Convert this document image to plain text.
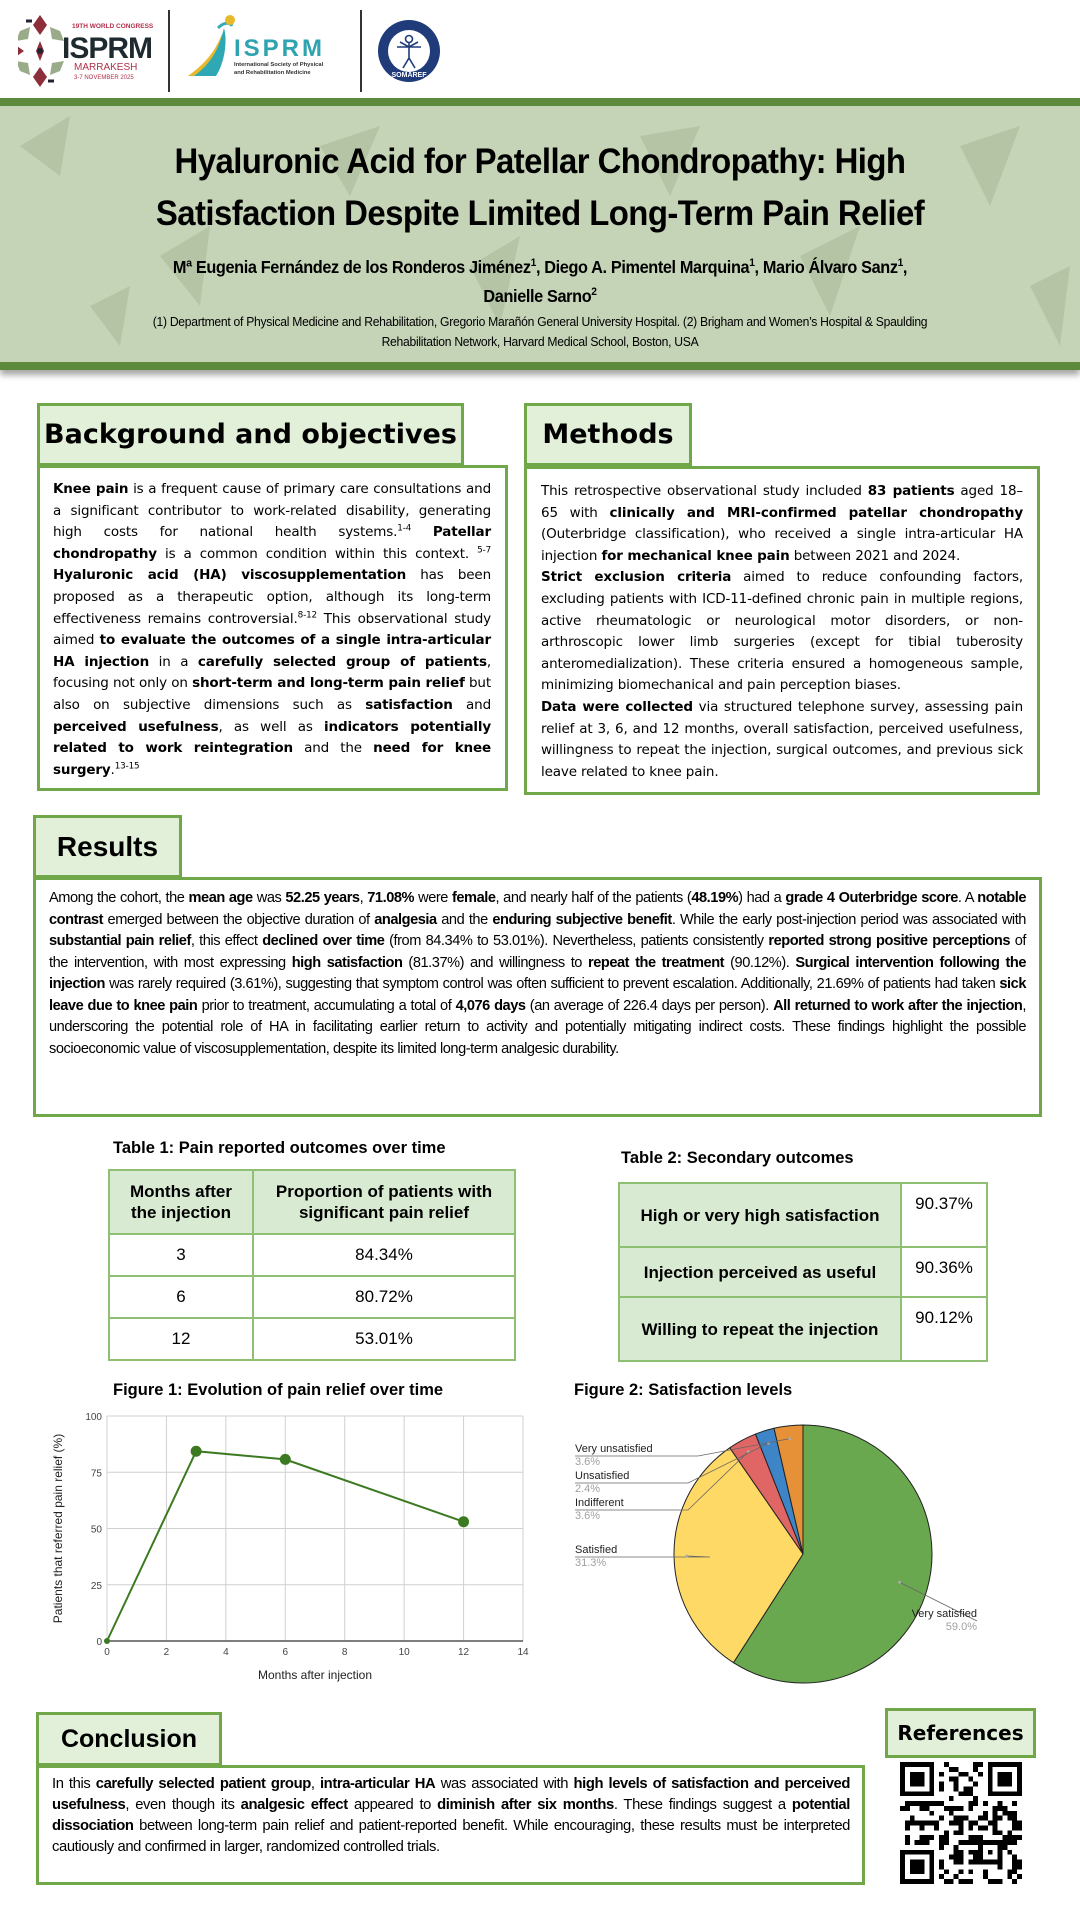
19TH WORLD CONGRESS
ISPRM
MARRAKESH
3-7 NOVEMBER 2025
ISPRM
International Society of Physical
and Rehabilitation Medicine	SOMAREF
Hyaluronic Acid for Patellar Chondropathy: High
Satisfaction Despite Limited Long-Term Pain Relief
Mª Eugenia Fernández de los Ronderos Jiménez$^1$, Diego A. Pimentel Marquina$^1$, Mario Álvaro Sanz$^1$,
Danielle Sarno$^2$
(1) Department of Physical Medicine and Rehabilitation, Gregorio Marañón General University Hospital. (2) Brigham and Women’s Hospital & Spaulding
Rehabilitation Network, Harvard Medical School, Boston, USA
Background and objectives

Knee pain is a frequent cause of primary care consultations and a significant contributor to work-related disability, generating high costs for national health systems.$^{1-4}$ Patellar chondropathy is a common condition within this context. $^{5-7}$ Hyaluronic acid (HA) viscosupplementation has been proposed as a therapeutic option, although its long-term effectiveness remains controversial.$^{8-12}$ This observational study aimed to evaluate the outcomes of a single intra-articular HA injection in a carefully selected group of patients, focusing not only on short-term and long-term pain relief but also on subjective dimensions such as satisfaction and perceived usefulness, as well as indicators potentially related to work reintegration and the need for knee surgery.$^{13-15}$

Methods

This retrospective observational study included 83 patients aged 18–65 with clinically and MRI-confirmed patellar chondropathy (Outerbridge classification), who received a single intra-articular HA injection for mechanical knee pain between 2021 and 2024.

Strict exclusion criteria aimed to reduce confounding factors, excluding patients with ICD-11-defined chronic pain in multiple regions, active rheumatologic or neurological motor disorders, or non-arthroscopic lower limb surgeries (except for tibial tuberosity anteromedialization). These criteria ensured a homogeneous sample, minimizing biomechanical and pain perception biases.

Data were collected via structured telephone survey, assessing pain relief at 3, 6, and 12 months, overall satisfaction, perceived usefulness, willingness to repeat the injection, surgical outcomes, and previous sick leave related to knee pain.

Results

Among the cohort, the mean age was 52.25 years, 71.08% were female, and nearly half of the patients (48.19%) had a grade 4 Outerbridge score. A notable contrast emerged between the objective duration of analgesia and the enduring subjective benefit. While the early post-injection period was associated with substantial pain relief, this effect declined over time (from 84.34% to 53.01%). Nevertheless, patients consistently reported strong positive perceptions of the intervention, with most expressing high satisfaction (81.37%) and willingness to repeat the treatment (90.12%). Surgical intervention following the injection was rarely required (3.61%), suggesting that symptom control was often sufficient to prevent escalation. Additionally, 21.69% of patients had taken sick leave due to knee pain prior to treatment, accumulating a total of 4,076 days (an average of 226.4 days per person). All returned to work after the injection, underscoring the potential role of HA in facilitating earlier return to activity and potentially mitigating indirect costs. These findings highlight the possible socioeconomic value of viscosupplementation, despite its limited long-term analgesic durability.

Table 1: Pain reported outcomes over time
Months after the injection	Proportion of patients with significant pain relief
3	84.34%
6	80.72%
12	53.01%
Table 2: Secondary outcomes
High or very high satisfaction	90.37%
Injection perceived as useful	90.36%
Willing to repeat the injection	90.12%
Figure 1: Evolution of pain relief over time
0	2	4	6	8	10	12	14
0
25
50
75
100
Months after injection
Patients that referred pain relief (%)
Figure 2: Satisfaction levels
Very satisfied
59.0%
Satisfied
31.3%
Indifferent
3.6%
Unsatisfied
2.4%
Very unsatisfied
3.6%
Conclusion

In this carefully selected patient group, intra-articular HA was associated with high levels of satisfaction and perceived usefulness, even though its analgesic effect appeared to diminish after six months. These findings suggest a potential dissociation between long-term pain relief and patient-reported benefit. While encouraging, these results must be interpreted cautiously and confirmed in larger, randomized controlled trials.

References
